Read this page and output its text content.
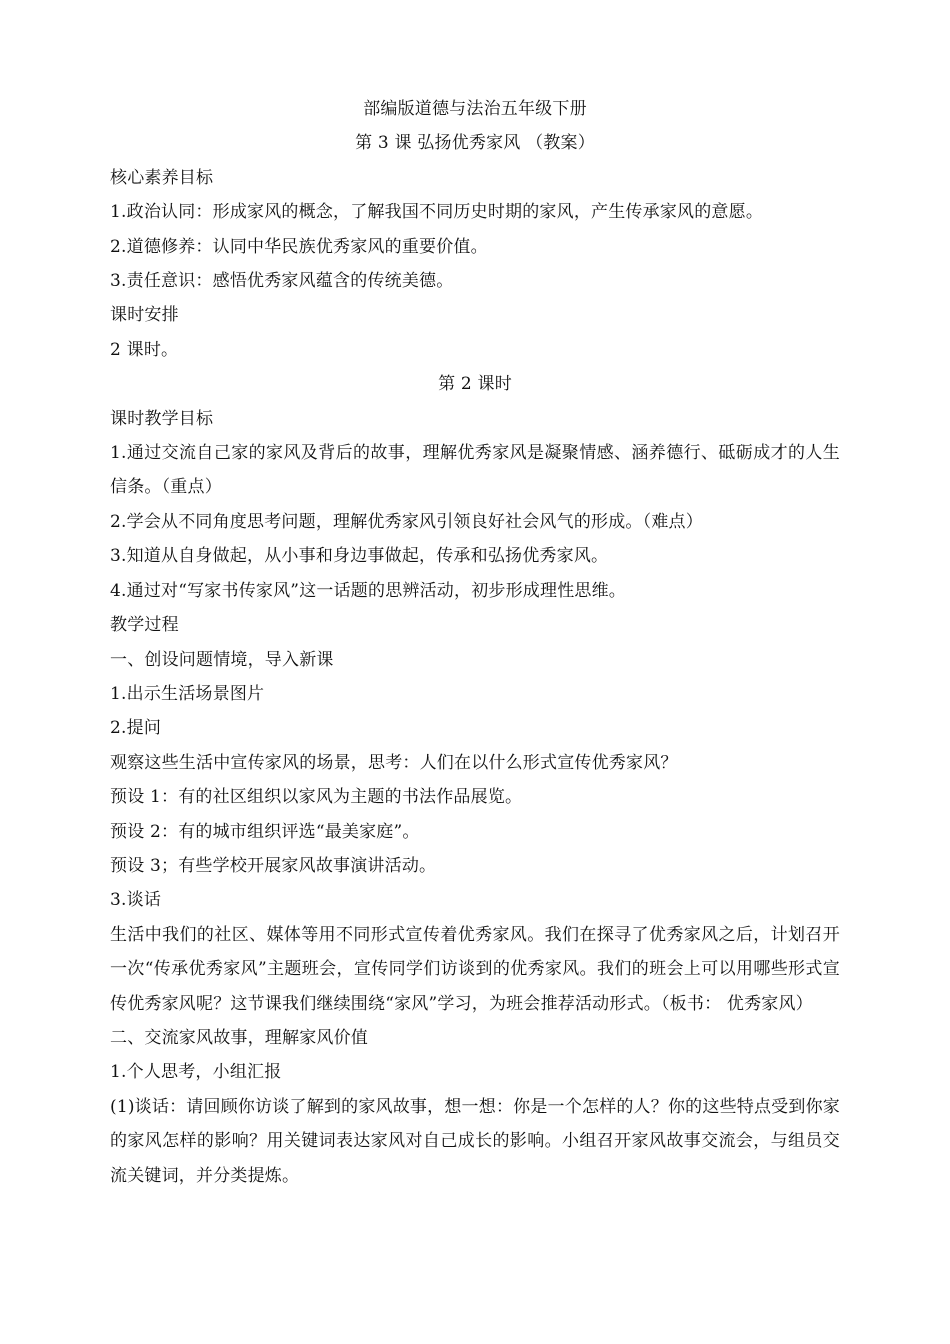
部编版道德与法治五年级下册
第 3 课 弘扬优秀家风 （教案）
核心素养目标
1.政治认同：形成家风的概念，了解我国不同历史时期的家风，产生传承家风的意愿。
2.道德修养：认同中华民族优秀家风的重要价值。
3.责任意识：感悟优秀家风蕴含的传统美德。
课时安排
2 课时。
第 2 课时
课时教学目标
1.通过交流自己家的家风及背后的故事，理解优秀家风是凝聚情感、涵养德行、砥砺成才的人生信条。（重点）
2.学会从不同角度思考问题，理解优秀家风引领良好社会风气的形成。（难点）
3.知道从自身做起，从小事和身边事做起，传承和弘扬优秀家风。
4.通过对“写家书传家风”这一话题的思辨活动，初步形成理性思维。
教学过程
一、创设问题情境，导入新课
1.出示生活场景图片
2.提问
观察这些生活中宣传家风的场景，思考：人们在以什么形式宣传优秀家风？
预设 1：有的社区组织以家风为主题的书法作品展览。
预设 2：有的城市组织评选“最美家庭”。
预设 3；有些学校开展家风故事演讲活动。
3.谈话
生活中我们的社区、媒体等用不同形式宣传着优秀家风。我们在探寻了优秀家风之后，计划召开一次“传承优秀家风”主题班会，宣传同学们访谈到的优秀家风。我们的班会上可以用哪些形式宣传优秀家风呢？这节课我们继续围绕“家风”学习，为班会推荐活动形式。（板书： 优秀家风）
二、交流家风故事，理解家风价值
1.个人思考，小组汇报
(1)谈话：请回顾你访谈了解到的家风故事，想一想：你是一个怎样的人？你的这些特点受到你家的家风怎样的影响？用关键词表达家风对自己成长的影响。小组召开家风故事交流会，与组员交流关键词，并分类提炼。
